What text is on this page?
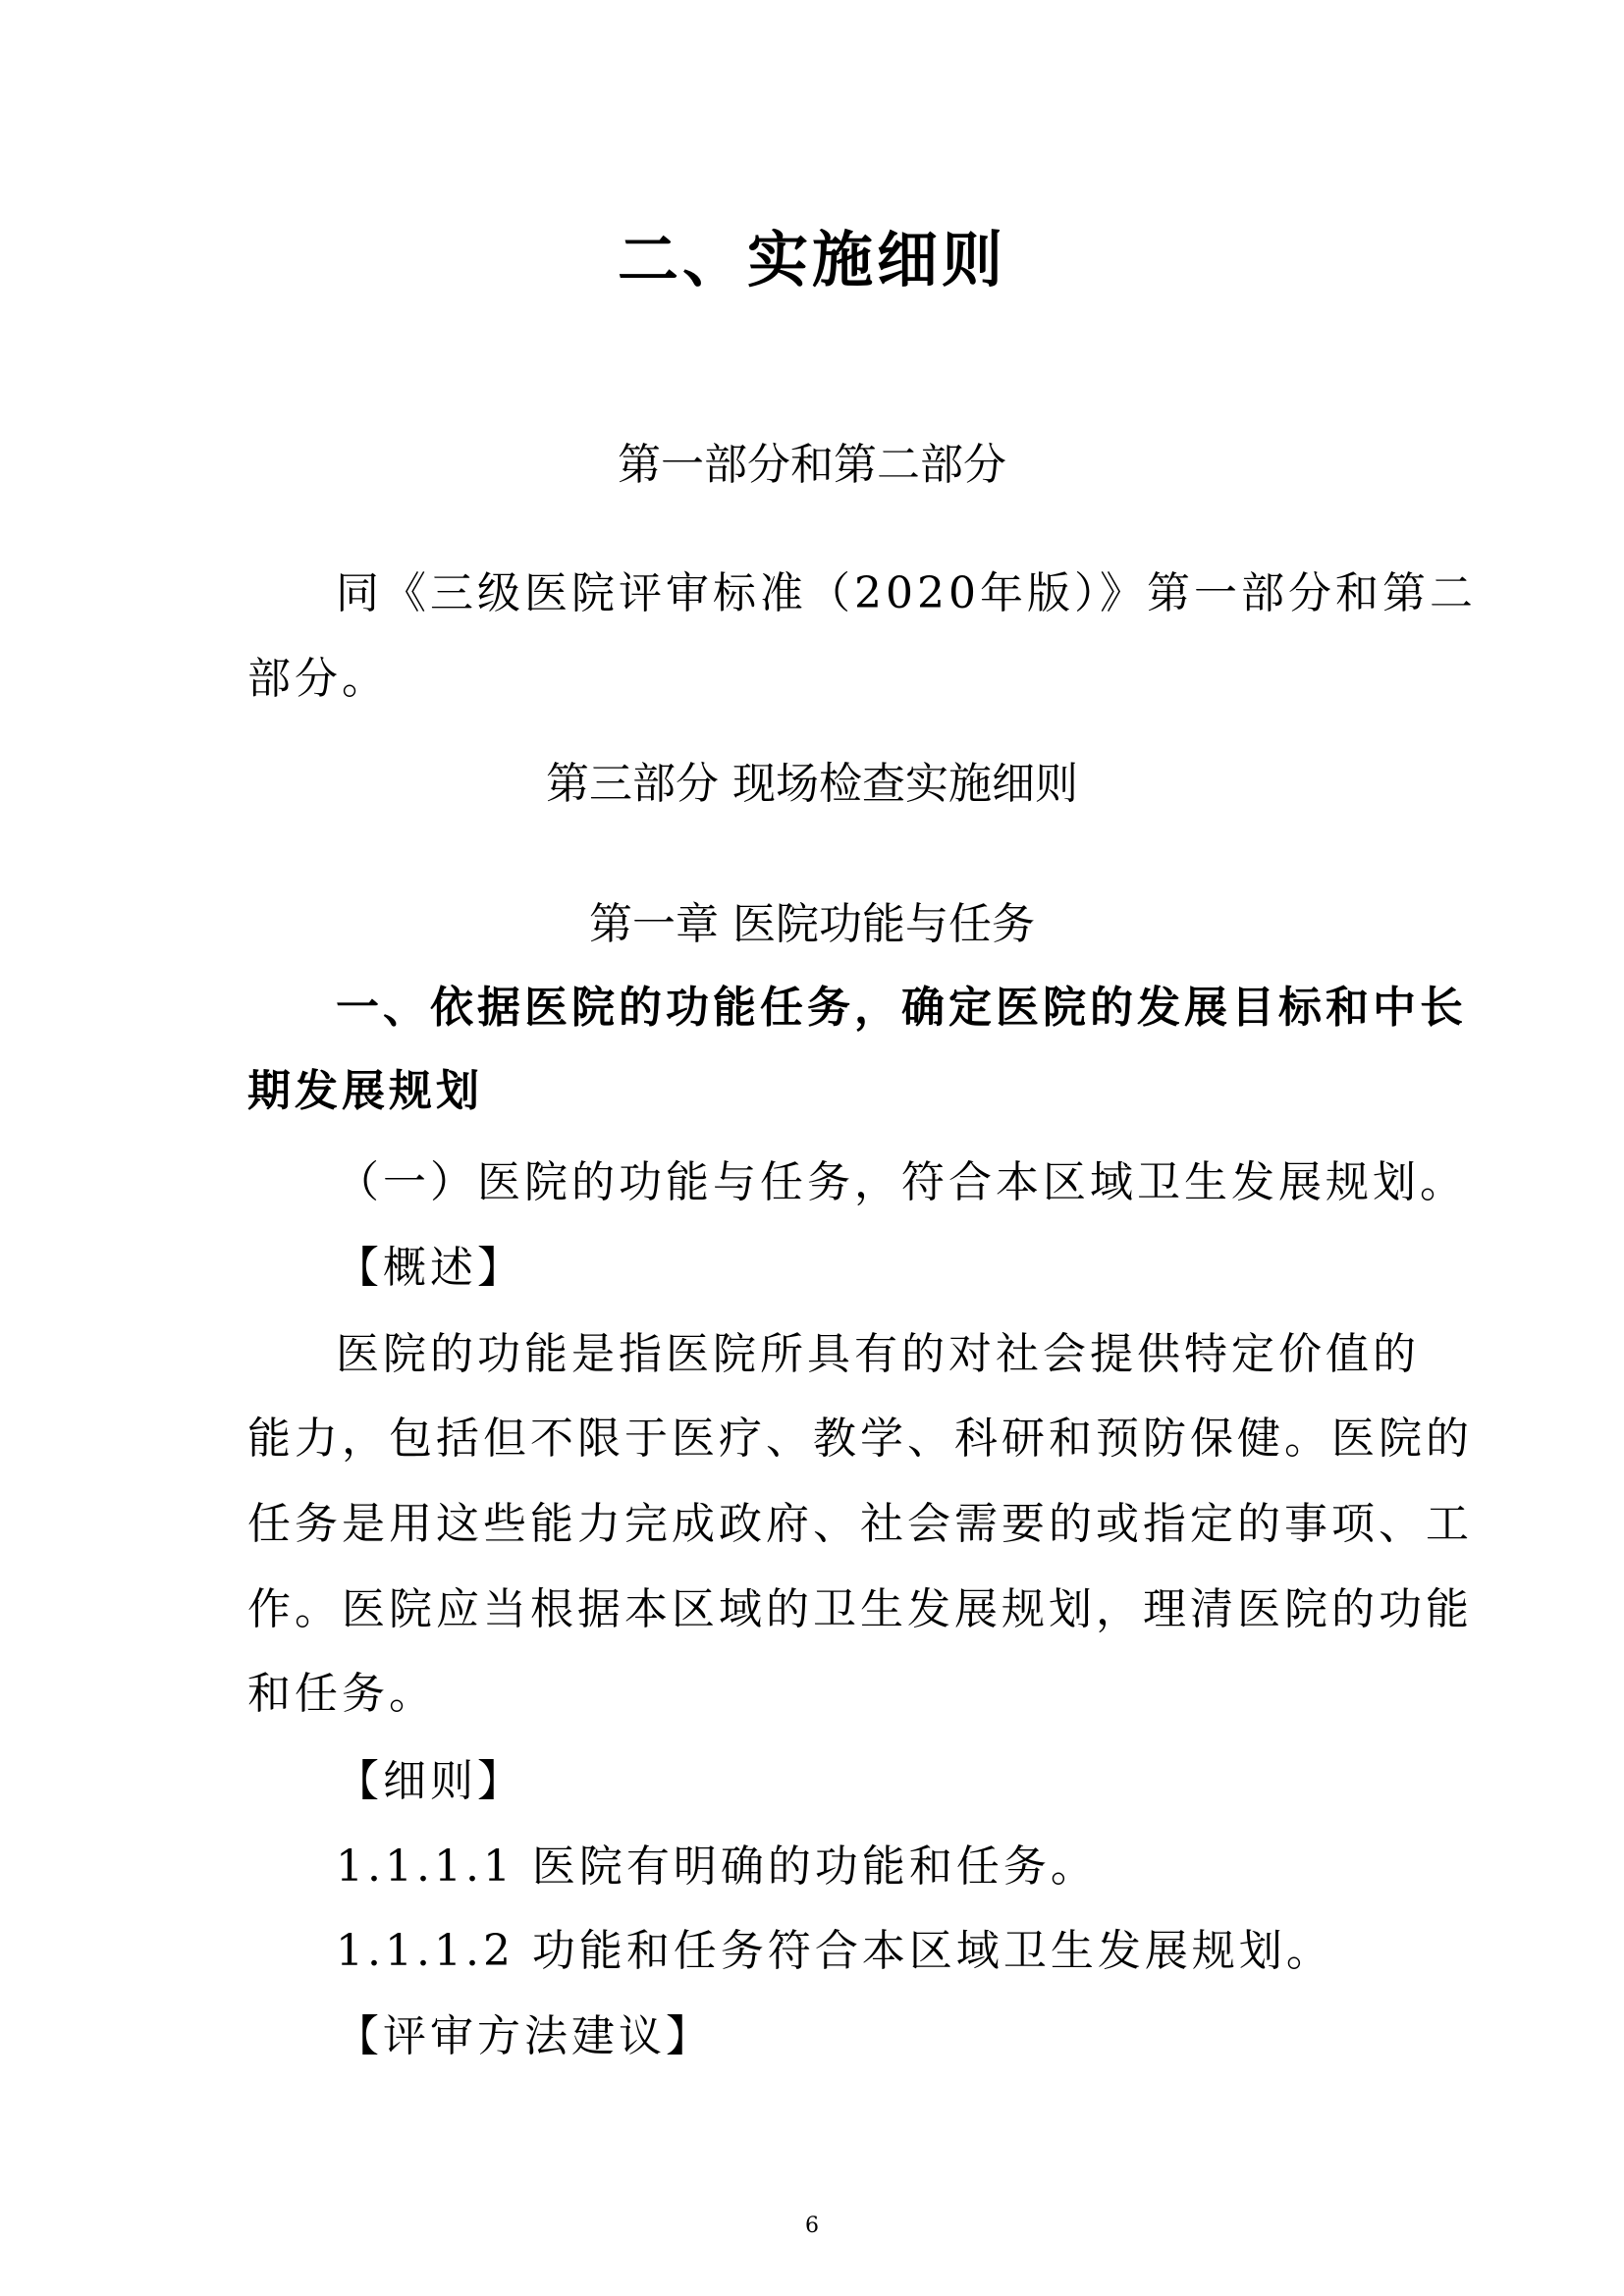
二、实施细则
第一部分和第二部分
同《三级医院评审标准（2020年版）》第一部分和第二
部分。
第三部分 现场检查实施细则
第一章 医院功能与任务
一、依据医院的功能任务，确定医院的发展目标和中长
期发展规划
（一）医院的功能与任务，符合本区域卫生发展规划。
【概述】
医院的功能是指医院所具有的对社会提供特定价值的
能力，包括但不限于医疗、教学、科研和预防保健。医院的
任务是用这些能力完成政府、社会需要的或指定的事项、工
作。医院应当根据本区域的卫生发展规划，理清医院的功能
和任务。
【细则】
1.1.1.1 医院有明确的功能和任务。
1.1.1.2 功能和任务符合本区域卫生发展规划。
【评审方法建议】
6
